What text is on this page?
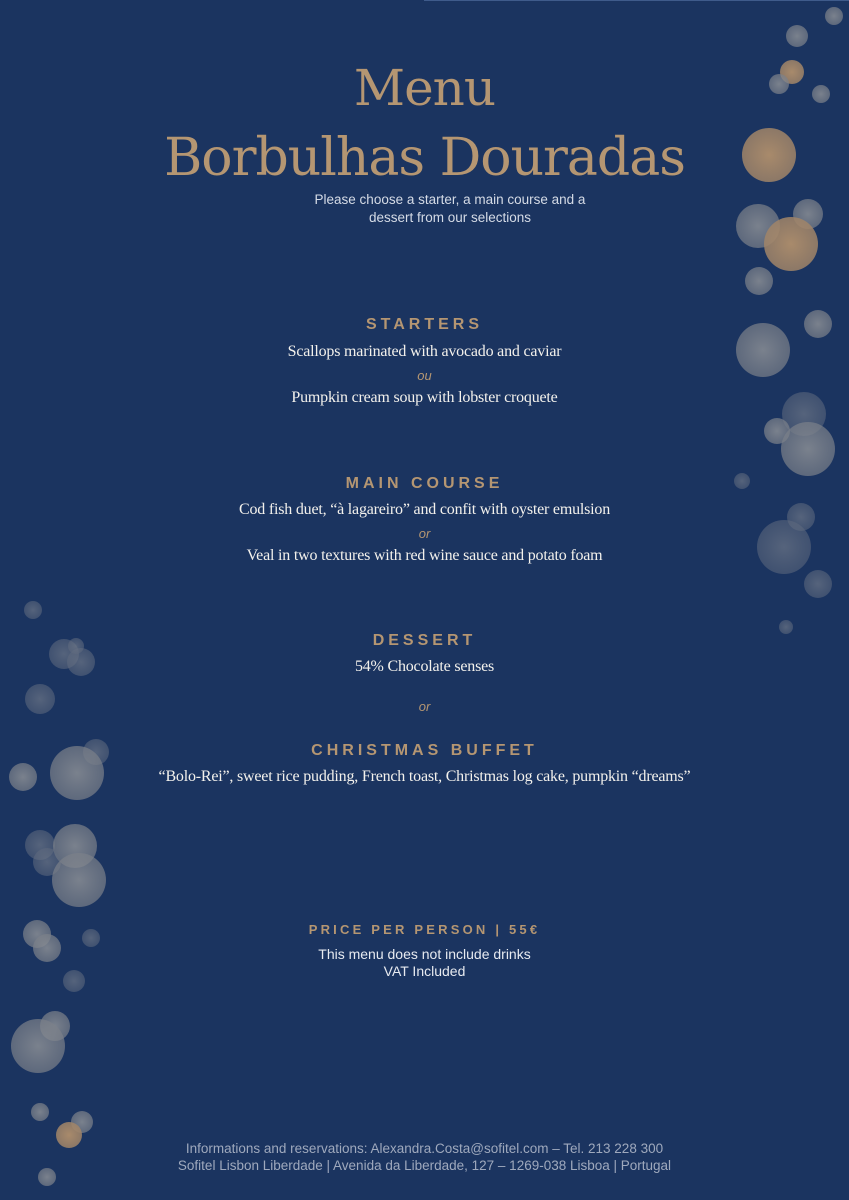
Menu
Borbulhas Douradas
Please choose a starter, a main course and a
dessert from our selections
STARTERS
Scallops marinated with avocado and caviar
ou
Pumpkin cream soup with lobster croquete
MAIN COURSE
Cod fish duet, “à lagareiro” and confit with oyster emulsion
or
Veal in two textures with red wine sauce and potato foam
DESSERT
54% Chocolate senses
or
CHRISTMAS BUFFET
“Bolo-Rei”, sweet rice pudding, French toast, Christmas log cake, pumpkin “dreams”
PRICE PER PERSON | 55€
This menu does not include drinks
VAT Included
Informations and reservations: Alexandra.Costa@sofitel.com – Tel. 213 228 300
Sofitel Lisbon Liberdade | Avenida da Liberdade, 127 – 1269-038 Lisboa | Portugal
